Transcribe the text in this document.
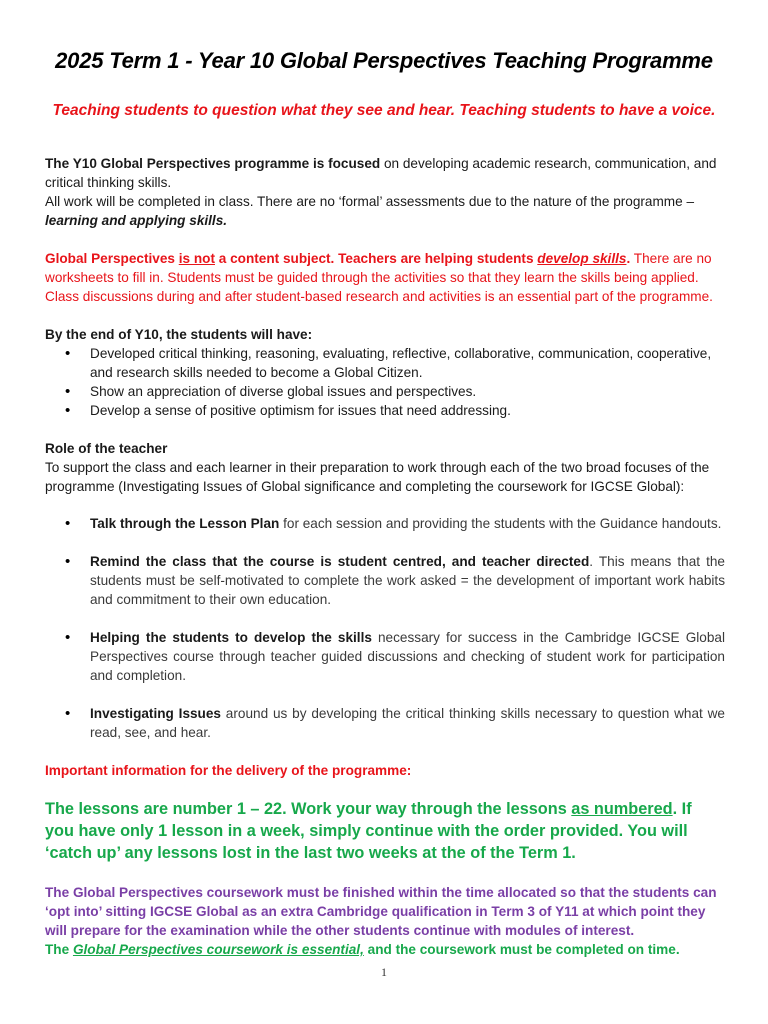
2025 Term 1 - Year 10 Global Perspectives Teaching Programme
Teaching students to question what they see and hear. Teaching students to have a voice.
The Y10 Global Perspectives programme is focused on developing academic research, communication, and critical thinking skills.
All work will be completed in class. There are no ‘formal’ assessments due to the nature of the programme –
learning and applying skills.
Global Perspectives is not a content subject. Teachers are helping students develop skills. There are no worksheets to fill in. Students must be guided through the activities so that they learn the skills being applied. Class discussions during and after student-based research and activities is an essential part of the programme.
By the end of Y10, the students will have:
• Developed critical thinking, reasoning, evaluating, reflective, collaborative, communication, cooperative, and research skills needed to become a Global Citizen.
• Show an appreciation of diverse global issues and perspectives.
• Develop a sense of positive optimism for issues that need addressing.
Role of the teacher
To support the class and each learner in their preparation to work through each of the two broad focuses of the programme (Investigating Issues of Global significance and completing the coursework for IGCSE Global):
• Talk through the Lesson Plan for each session and providing the students with the Guidance handouts.
• Remind the class that the course is student centred, and teacher directed. This means that the students must be self-motivated to complete the work asked = the development of important work habits and commitment to their own education.
• Helping the students to develop the skills necessary for success in the Cambridge IGCSE Global Perspectives course through teacher guided discussions and checking of student work for participation and completion.
• Investigating Issues around us by developing the critical thinking skills necessary to question what we read, see, and hear.
Important information for the delivery of the programme:
The lessons are number 1 – 22. Work your way through the lessons as numbered. If you have only 1 lesson in a week, simply continue with the order provided. You will ‘catch up’ any lessons lost in the last two weeks at the of the Term 1.
The Global Perspectives coursework must be finished within the time allocated so that the students can ‘opt into’ sitting IGCSE Global as an extra Cambridge qualification in Term 3 of Y11 at which point they will prepare for the examination while the other students continue with modules of interest.
The Global Perspectives coursework is essential, and the coursework must be completed on time.
1
